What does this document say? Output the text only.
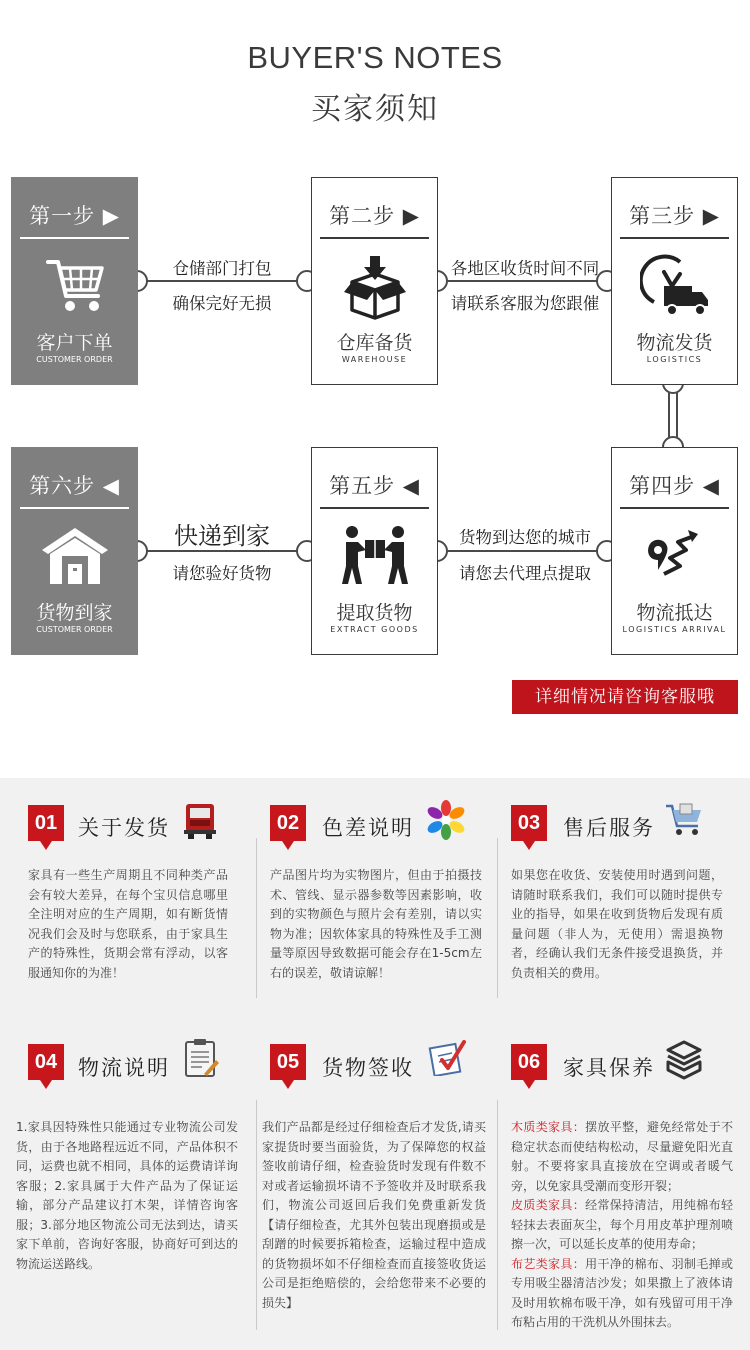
BUYER'S NOTES
买家须知
仓储部门打包
确保完好无损
各地区收货时间不同
请联系客服为您跟催
快递到家
请您验好货物
货物到达您的城市
请您去代理点提取
第一步 ▶
客户下单
CUSTOMER ORDER
第二步 ▶
仓库备货
WAREHOUSE
第三步 ▶
物流发货
LOGISTICS
第四步 ◀
物流抵达
LOGISTICS ARRIVAL
第五步 ◀
提取货物
EXTRACT GOODS
第六步 ◀
货物到家
CUSTOMER ORDER
详细情况请咨询客服哦
01 关于发货
家具有一些生产周期且不同种类产品会有较大差异，在每个宝贝信息哪里全注明对应的生产周期，如有断货情况我们会及时与您联系，由于家具生产的特殊性，货期会常有浮动，以客服通知你的为准！
02	色差说明
产品图片均为实物图片，但由于拍摄技术、管线、显示器参数等因素影响，收到的实物颜色与照片会有差别，请以实物为准；因软体家具的特殊性及手工测量等原因导致数据可能会存在1-5cm左右的误差，敬请谅解！
03	售后服务
如果您在收货、安装使用时遇到问题，请随时联系我们，我们可以随时提供专业的指导，如果在收到货物后发现有质量问题（非人为，无使用）需退换物者，经确认我们无条件接受退换货，并负责相关的费用。
04 物流说明
1.家具因特殊性只能通过专业物流公司发货，由于各地路程远近不同，产品体积不同，运费也就不相同，具体的运费请详询客服；2.家具属于大件产品为了保证运输，部分产品建议打木架，详情咨询客服；3.部分地区物流公司无法到达，请买家下单前，咨询好客服，协商好可到达的物流运送路线。
05	货物签收
我们产品都是经过仔细检查后才发货,请买家提货时要当面验货，为了保障您的权益签收前请仔细，检查验货时发现有件数不对或者运输损坏请不予签收并及时联系我们，物流公司返回后我们免费重新发货【请仔细检查，尤其外包装出现磨损或是刮蹭的时候要拆箱检查，运输过程中造成的货物损坏如不仔细检查而直接签收货运公司是拒绝赔偿的，会给您带来不必要的损失】
06	家具保养
木质类家具：摆放平整，避免经常处于不稳定状态而使结构松动，尽量避免阳光直射。不要将家具直接放在空调或者暖气旁，以免家具受潮而变形开裂；
皮质类家具：经常保持清洁，用纯棉布轻轻抹去表面灰尘，每个月用皮革护理剂喷擦一次，可以延长皮革的使用寿命；
布艺类家具：用干净的棉布、羽制毛掸或专用吸尘器清洁沙发；如果撒上了液体请及时用软棉布吸干净，如有残留可用干净布粘占用的干洗机从外围抹去。
